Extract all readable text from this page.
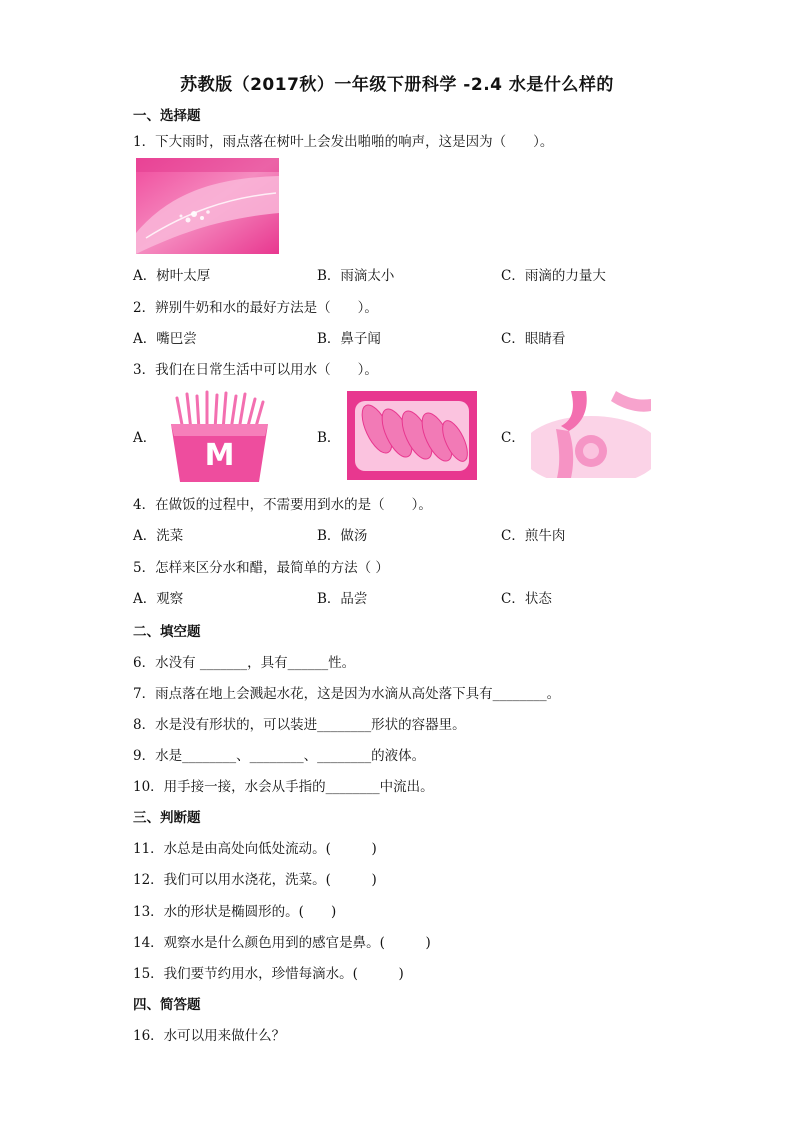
苏教版（2017秋）一年级下册科学 -2.4 水是什么样的
一、选择题
1．下大雨时，雨点落在树叶上会发出啪啪的响声，这是因为（　　）。
A．树叶太厚	B．雨滴太小	C．雨滴的力量大
2．辨别牛奶和水的最好方法是（　　）。
A．嘴巴尝	B．鼻子闻	C．眼睛看
3．我们在日常生活中可以用水（　　）。
A．	M	B．	C．
4．在做饭的过程中，不需要用到水的是（　　）。
A．洗菜	B．做汤	C．煎牛肉
5．怎样来区分水和醋，最简单的方法（ ）
A．观察	B．品尝	C．状态
二、填空题
6．水没有 _______，具有______性。
7．雨点落在地上会溅起水花，这是因为水滴从高处落下具有________。
8．水是没有形状的，可以装进________形状的容器里。
9．水是________、________、________的液体。
10．用手接一接，水会从手指的________中流出。
三、判断题
11．水总是由高处向低处流动。(　　　)
12．我们可以用水浇花，洗菜。(　　　)
13．水的形状是椭圆形的。(　　)
14．观察水是什么颜色用到的感官是鼻。(　　　)
15．我们要节约用水，珍惜每滴水。(　　　)
四、简答题
16．水可以用来做什么？
